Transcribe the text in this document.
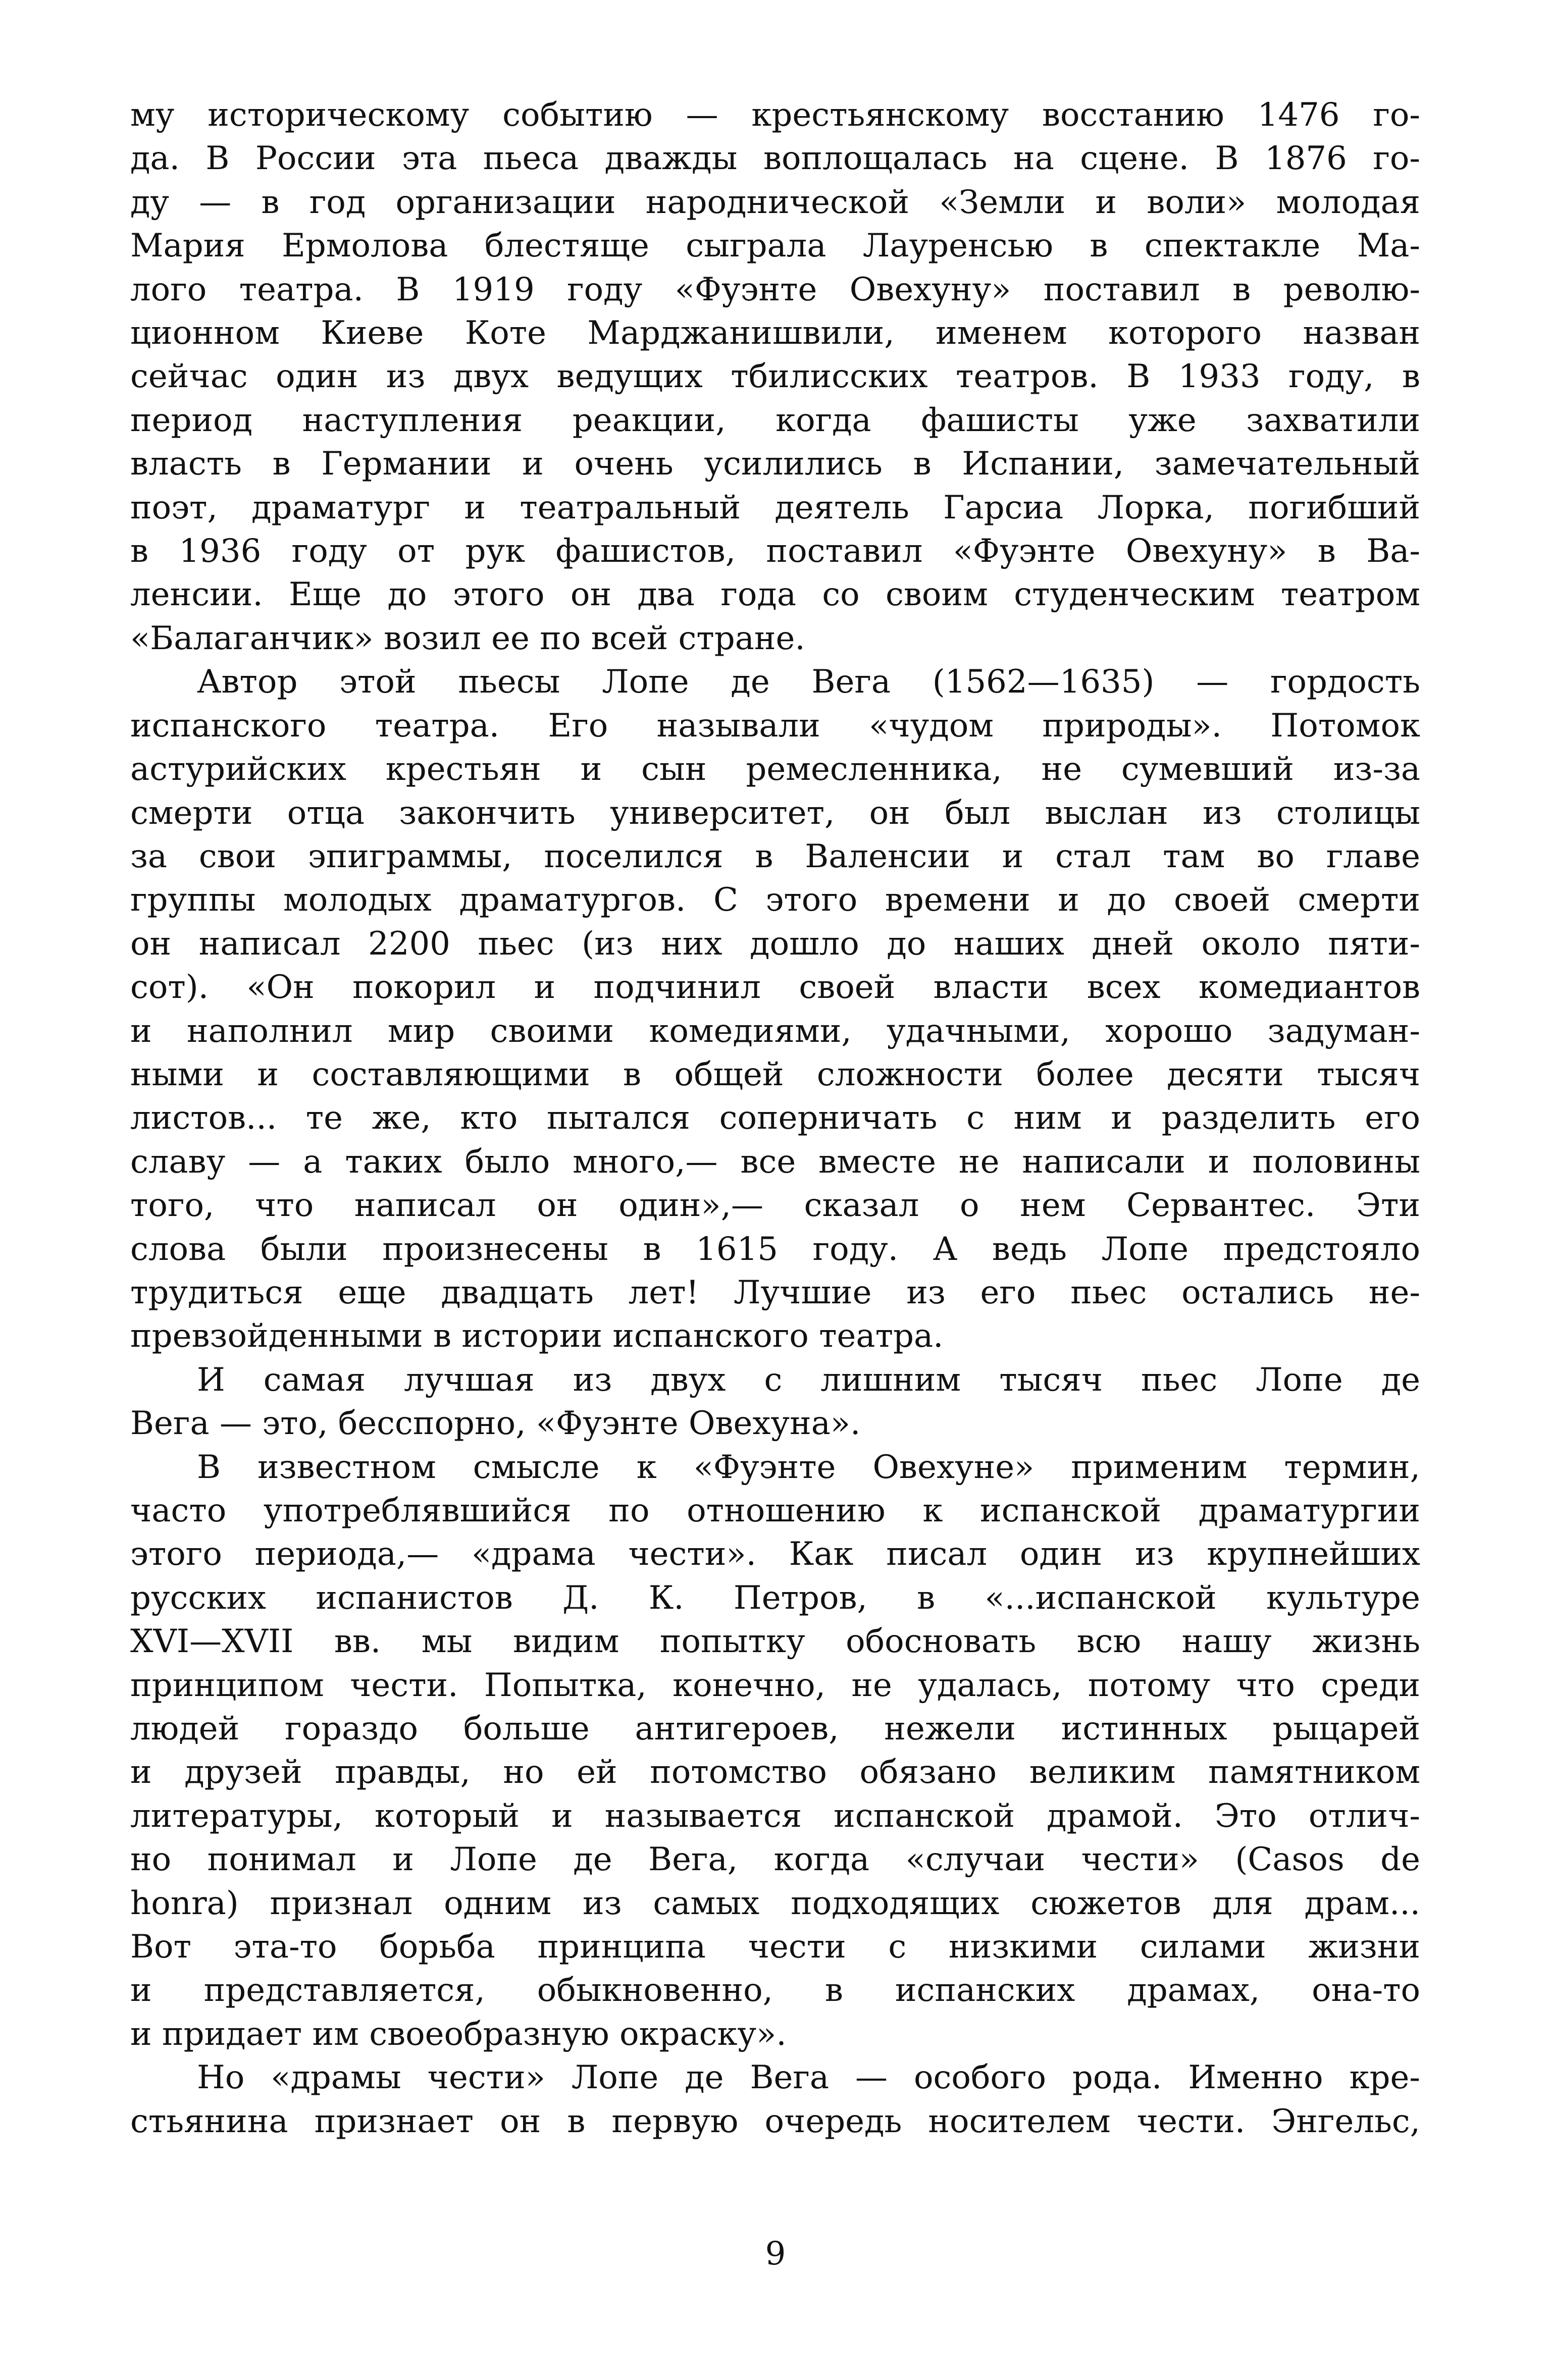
му историческому событию — крестьянскому восстанию 1476 го-
да. В России эта пьеса дважды воплощалась на сцене. В 1876 го-
ду — в год организации народнической «Земли и воли» молодая
Мария Ермолова блестяще сыграла Лауренсью в спектакле Ма-
лого театра. В 1919 году «Фуэнте Овехуну» поставил в револю-
ционном Киеве Коте Марджанишвили, именем которого назван
сейчас один из двух ведущих тбилисских театров. В 1933 году, в
период наступления реакции, когда фашисты уже захватили
власть в Германии и очень усилились в Испании, замечательный
поэт, драматург и театральный деятель Гарсиа Лорка, погибший
в 1936 году от рук фашистов, поставил «Фуэнте Овехуну» в Ва-
ленсии. Еще до этого он два года со своим студенческим театром
«Балаганчик» возил ее по всей стране.
Автор этой пьесы Лопе де Вега (1562—1635) — гордость
испанского театра. Его называли «чудом природы». Потомок
астурийских крестьян и сын ремесленника, не сумевший из-за
смерти отца закончить университет, он был выслан из столицы
за свои эпиграммы, поселился в Валенсии и стал там во главе
группы молодых драматургов. С этого времени и до своей смерти
он написал 2200 пьес (из них дошло до наших дней около пяти-
сот). «Он покорил и подчинил своей власти всех комедиантов
и наполнил мир своими комедиями, удачными, хорошо задуман-
ными и составляющими в общей сложности более десяти тысяч
листов... те же, кто пытался соперничать с ним и разделить его
славу — а таких было много,— все вместе не написали и половины
того, что написал он один»,— сказал о нем Сервантес. Эти
слова были произнесены в 1615 году. А ведь Лопе предстояло
трудиться еще двадцать лет! Лучшие из его пьес остались не-
превзойденными в истории испанского театра.
И самая лучшая из двух с лишним тысяч пьес Лопе де
Вега — это, бесспорно, «Фуэнте Овехуна».
В известном смысле к «Фуэнте Овехуне» применим термин,
часто употреблявшийся по отношению к испанской драматургии
этого периода,— «драма чести». Как писал один из крупнейших
русских испанистов Д. К. Петров, в «...испанской культуре
XVI—XVII вв. мы видим попытку обосновать всю нашу жизнь
принципом чести. Попытка, конечно, не удалась, потому что среди
людей гораздо больше антигероев, нежели истинных рыцарей
и друзей правды, но ей потомство обязано великим памятником
литературы, который и называется испанской драмой. Это отлич-
но понимал и Лопе де Вега, когда «случаи чести» (Casos de
honra) признал одним из самых подходящих сюжетов для драм...
Вот эта-то борьба принципа чести с низкими силами жизни
и представляется, обыкновенно, в испанских драмах, она-то
и придает им своеобразную окраску».
Но «драмы чести» Лопе де Вега — особого рода. Именно кре-
стьянина признает он в первую очередь носителем чести. Энгельс,
9
